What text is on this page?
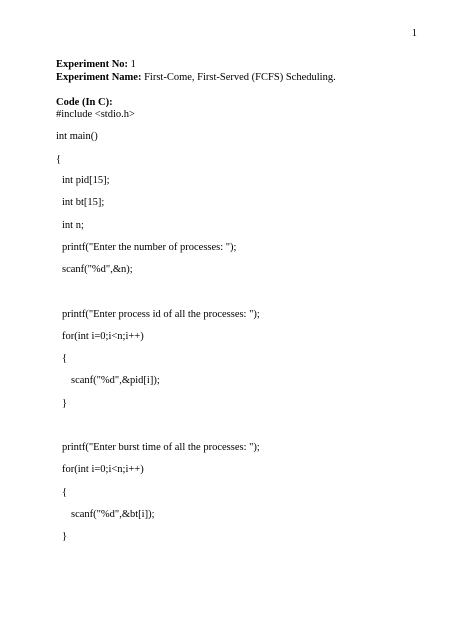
1
Experiment No: 1
Experiment Name: First-Come, First-Served (FCFS) Scheduling.
Code (In C):
#include <stdio.h>
int main()
{
int pid[15];
int bt[15];
int n;
printf("Enter the number of processes: ");
scanf("%d",&n);
printf("Enter process id of all the processes: ");
for(int i=0;i<n;i++)
{
scanf("%d",&pid[i]);
}
printf("Enter burst time of all the processes: ");
for(int i=0;i<n;i++)
{
scanf("%d",&bt[i]);
}
